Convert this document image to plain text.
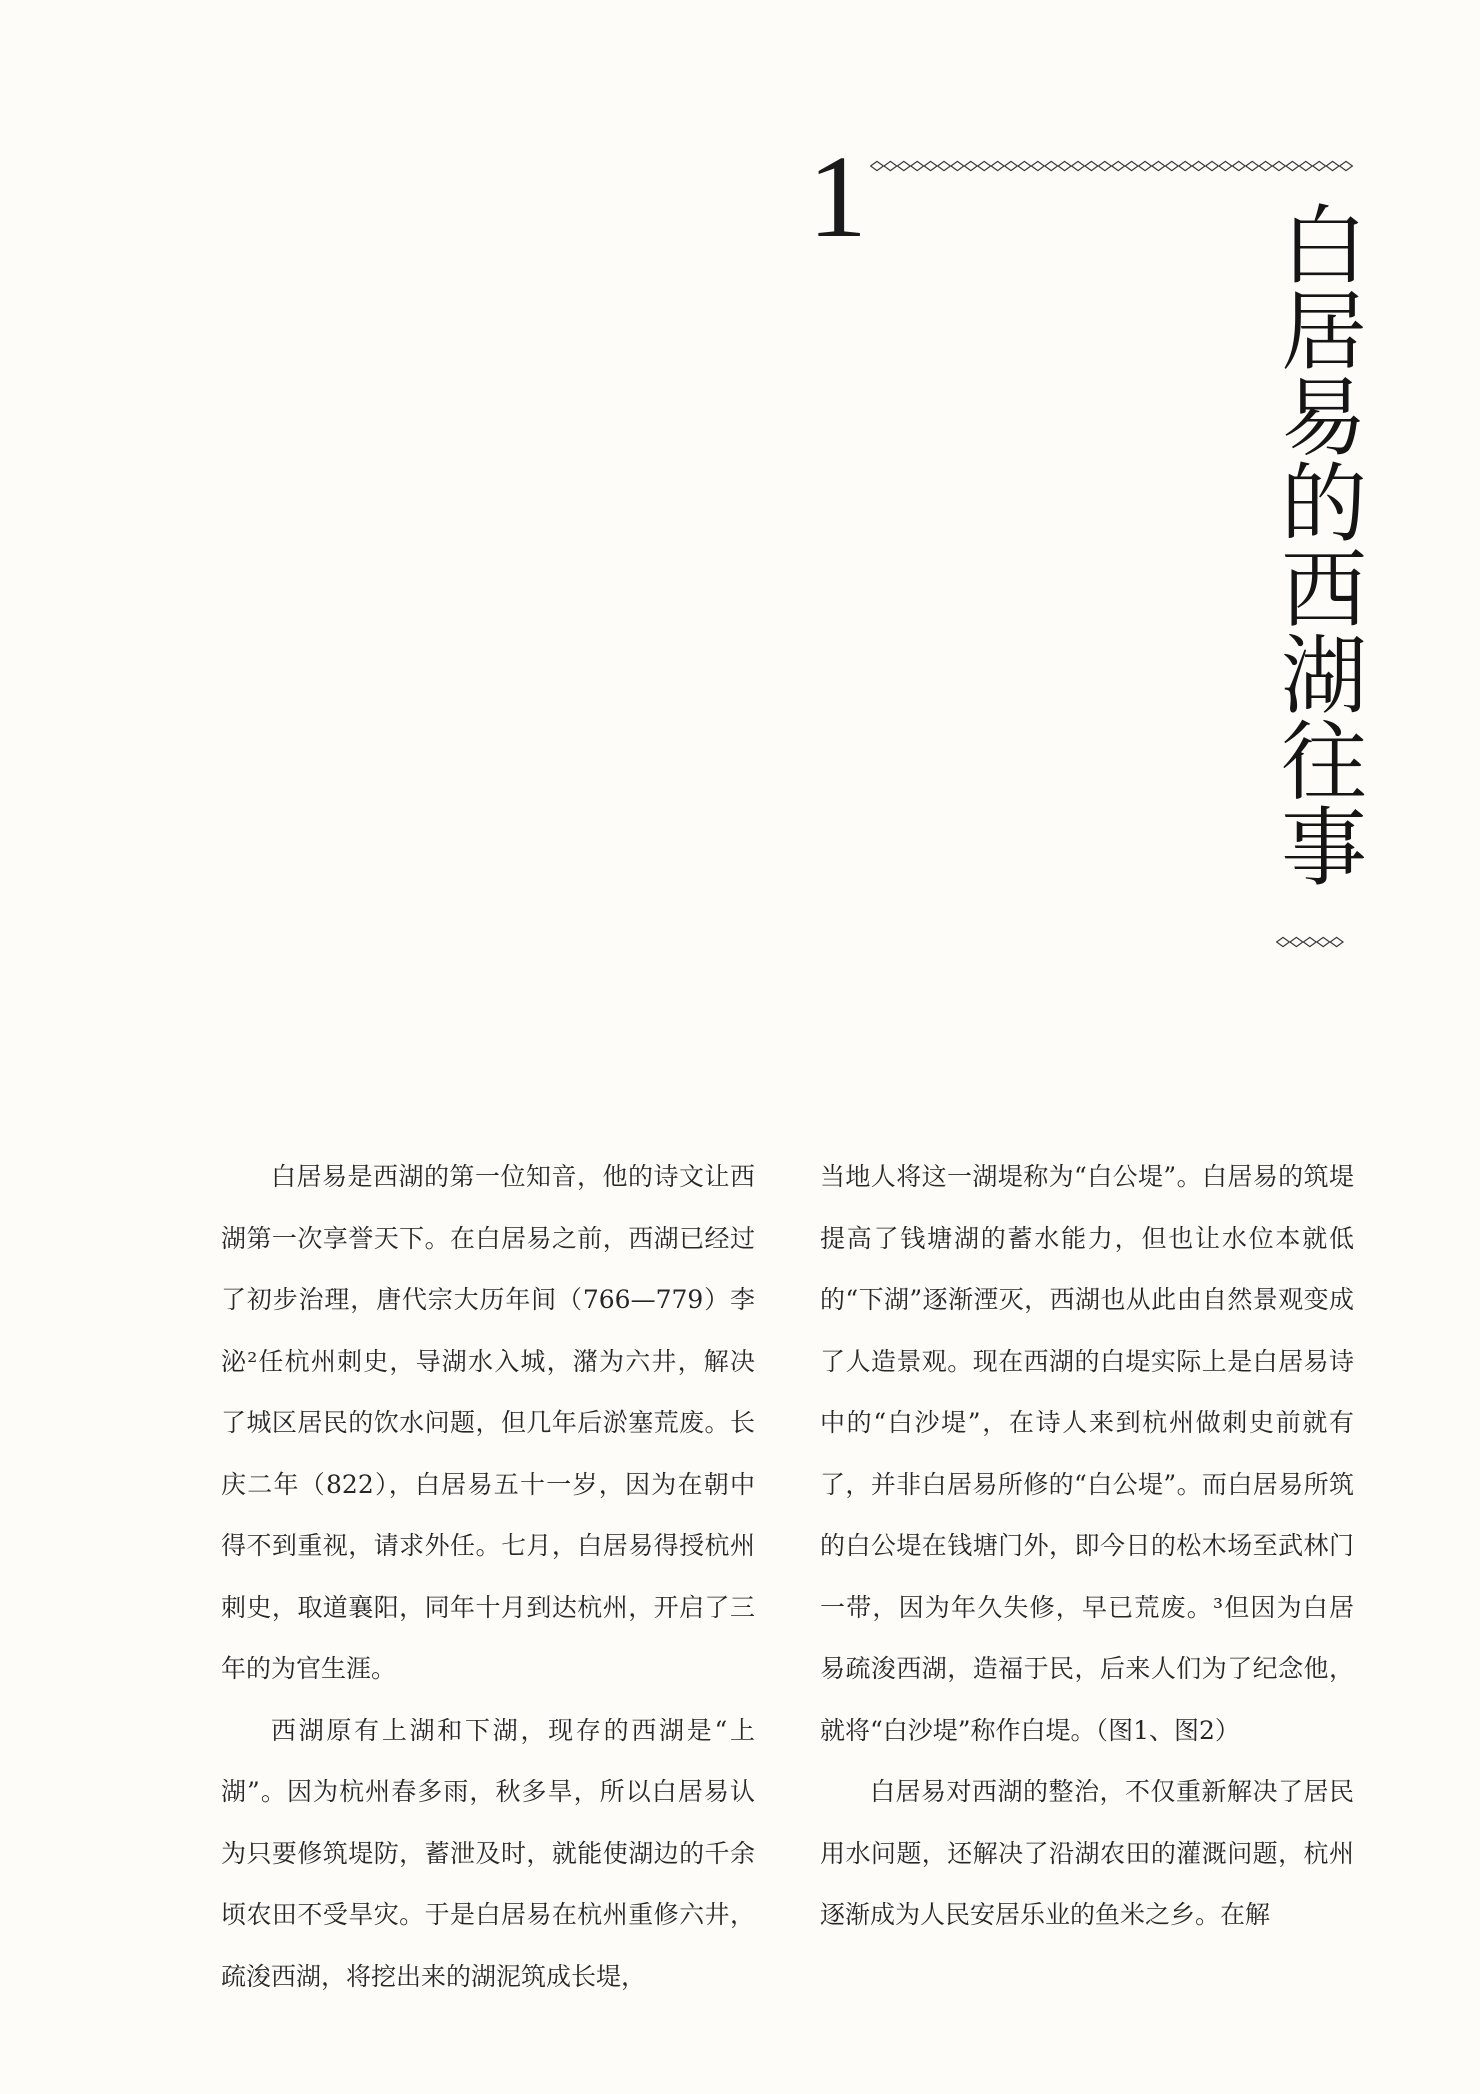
1
白居易的西湖往事

白居易是西湖的第一位知音，他的诗文让西湖第一次享誉天下。在白居易之前，西湖已经过了初步治理，唐代宗大历年间（766—779）李泌²任杭州刺史，导湖水入城，潴为六井，解决了城区居民的饮水问题，但几年后淤塞荒废。长庆二年（822），白居易五十一岁，因为在朝中得不到重视，请求外任。七月，白居易得授杭州刺史，取道襄阳，同年十月到达杭州，开启了三年的为官生涯。

西湖原有上湖和下湖，现存的西湖是“上湖”。因为杭州春多雨，秋多旱，所以白居易认为只要修筑堤防，蓄泄及时，就能使湖边的千余顷农田不受旱灾。于是白居易在杭州重修六井，疏浚西湖，将挖出来的湖泥筑成长堤，

当地人将这一湖堤称为“白公堤”。白居易的筑堤提高了钱塘湖的蓄水能力，但也让水位本就低的“下湖”逐渐湮灭，西湖也从此由自然景观变成了人造景观。现在西湖的白堤实际上是白居易诗中的“白沙堤”，在诗人来到杭州做刺史前就有了，并非白居易所修的“白公堤”。而白居易所筑的白公堤在钱塘门外，即今日的松木场至武林门一带，因为年久失修，早已荒废。³但因为白居易疏浚西湖，造福于民，后来人们为了纪念他，就将“白沙堤”称作白堤。（图1、图2）

白居易对西湖的整治，不仅重新解决了居民用水问题，还解决了沿湖农田的灌溉问题，杭州逐渐成为人民安居乐业的鱼米之乡。在解
